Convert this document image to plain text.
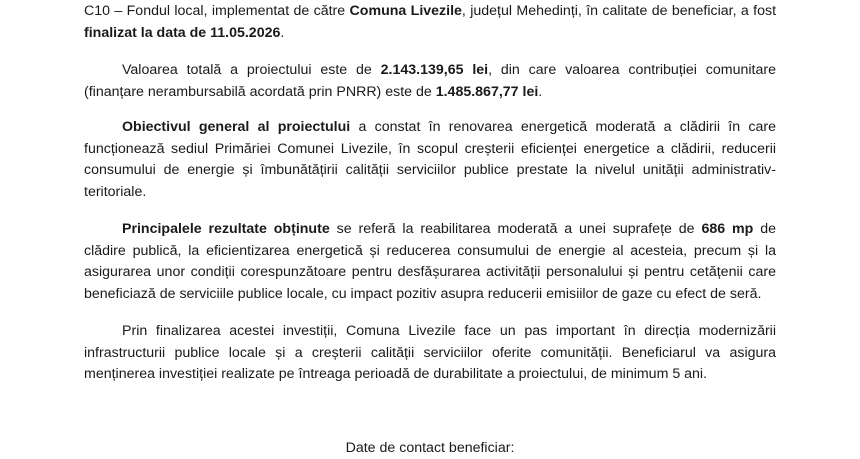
C10 – Fondul local, implementat de către Comuna Livezile, județul Mehedinți, în calitate de beneficiar, a fost finalizat la data de 11.05.2026.

Valoarea totală a proiectului este de 2.143.139,65 lei, din care valoarea contribuției comunitare (finanțare nerambursabilă acordată prin PNRR) este de 1.485.867,77 lei.

Obiectivul general al proiectului a constat în renovarea energetică moderată a clădirii în care funcționează sediul Primăriei Comunei Livezile, în scopul creșterii eficienței energetice a clădirii, reducerii consumului de energie și îmbunătățirii calității serviciilor publice prestate la nivelul unității administrativ-teritoriale.

Principalele rezultate obținute se referă la reabilitarea moderată a unei suprafețe de 686 mp de clădire publică, la eficientizarea energetică și reducerea consumului de energie al acesteia, precum și la asigurarea unor condiții corespunzătoare pentru desfășurarea activității personalului și pentru cetățenii care beneficiază de serviciile publice locale, cu impact pozitiv asupra reducerii emisiilor de gaze cu efect de seră.

Prin finalizarea acestei investiții, Comuna Livezile face un pas important în direcția modernizării infrastructurii publice locale și a creșterii calității serviciilor oferite comunității. Beneficiarul va asigura menținerea investiției realizate pe întreaga perioadă de durabilitate a proiectului, de minimum 5 ani.

Date de contact beneficiar:
